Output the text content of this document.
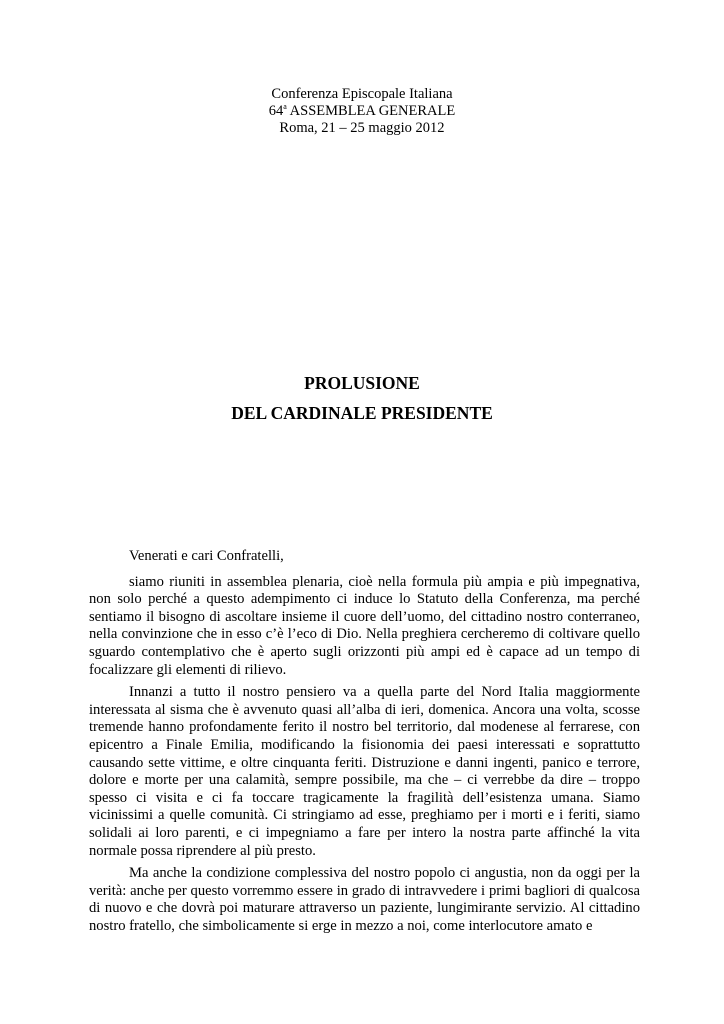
Conferenza Episcopale Italiana
64$^a$ ASSEMBLEA GENERALE
Roma, 21 – 25 maggio 2012
PROLUSIONE
DEL CARDINALE PRESIDENTE

Venerati e cari Confratelli,

siamo riuniti in assemblea plenaria, cioè nella formula più ampia e più impegnativa, non solo perché a questo adempimento ci induce lo Statuto della Conferenza, ma perché sentiamo il bisogno di ascoltare insieme il cuore dell’uomo, del cittadino nostro conterraneo, nella convinzione che in esso c’è l’eco di Dio. Nella preghiera cercheremo di coltivare quello sguardo contemplativo che è aperto sugli orizzonti più ampi ed è capace ad un tempo di focalizzare gli elementi di rilievo.

Innanzi a tutto il nostro pensiero va a quella parte del Nord Italia maggiormente interessata al sisma che è avvenuto quasi all’alba di ieri, domenica. Ancora una volta, scosse tremende hanno profondamente ferito il nostro bel territorio, dal modenese al ferrarese, con epicentro a Finale Emilia, modificando la fisionomia dei paesi interessati e soprattutto causando sette vittime, e oltre cinquanta feriti. Distruzione e danni ingenti, panico e terrore, dolore e morte per una calamità, sempre possibile, ma che – ci verrebbe da dire – troppo spesso ci visita e ci fa toccare tragicamente la fragilità dell’esistenza umana. Siamo vicinissimi a quelle comunità. Ci stringiamo ad esse, preghiamo per i morti e i feriti, siamo solidali ai loro parenti, e ci impegniamo a fare per intero la nostra parte affinché la vita normale possa riprendere al più presto.

Ma anche la condizione complessiva del nostro popolo ci angustia, non da oggi per la verità: anche per questo vorremmo essere in grado di intravvedere i primi bagliori di qualcosa di nuovo e che dovrà poi maturare attraverso un paziente, lungimirante servizio. Al cittadino nostro fratello, che simbolicamente si erge in mezzo a noi, come interlocutore amato e
